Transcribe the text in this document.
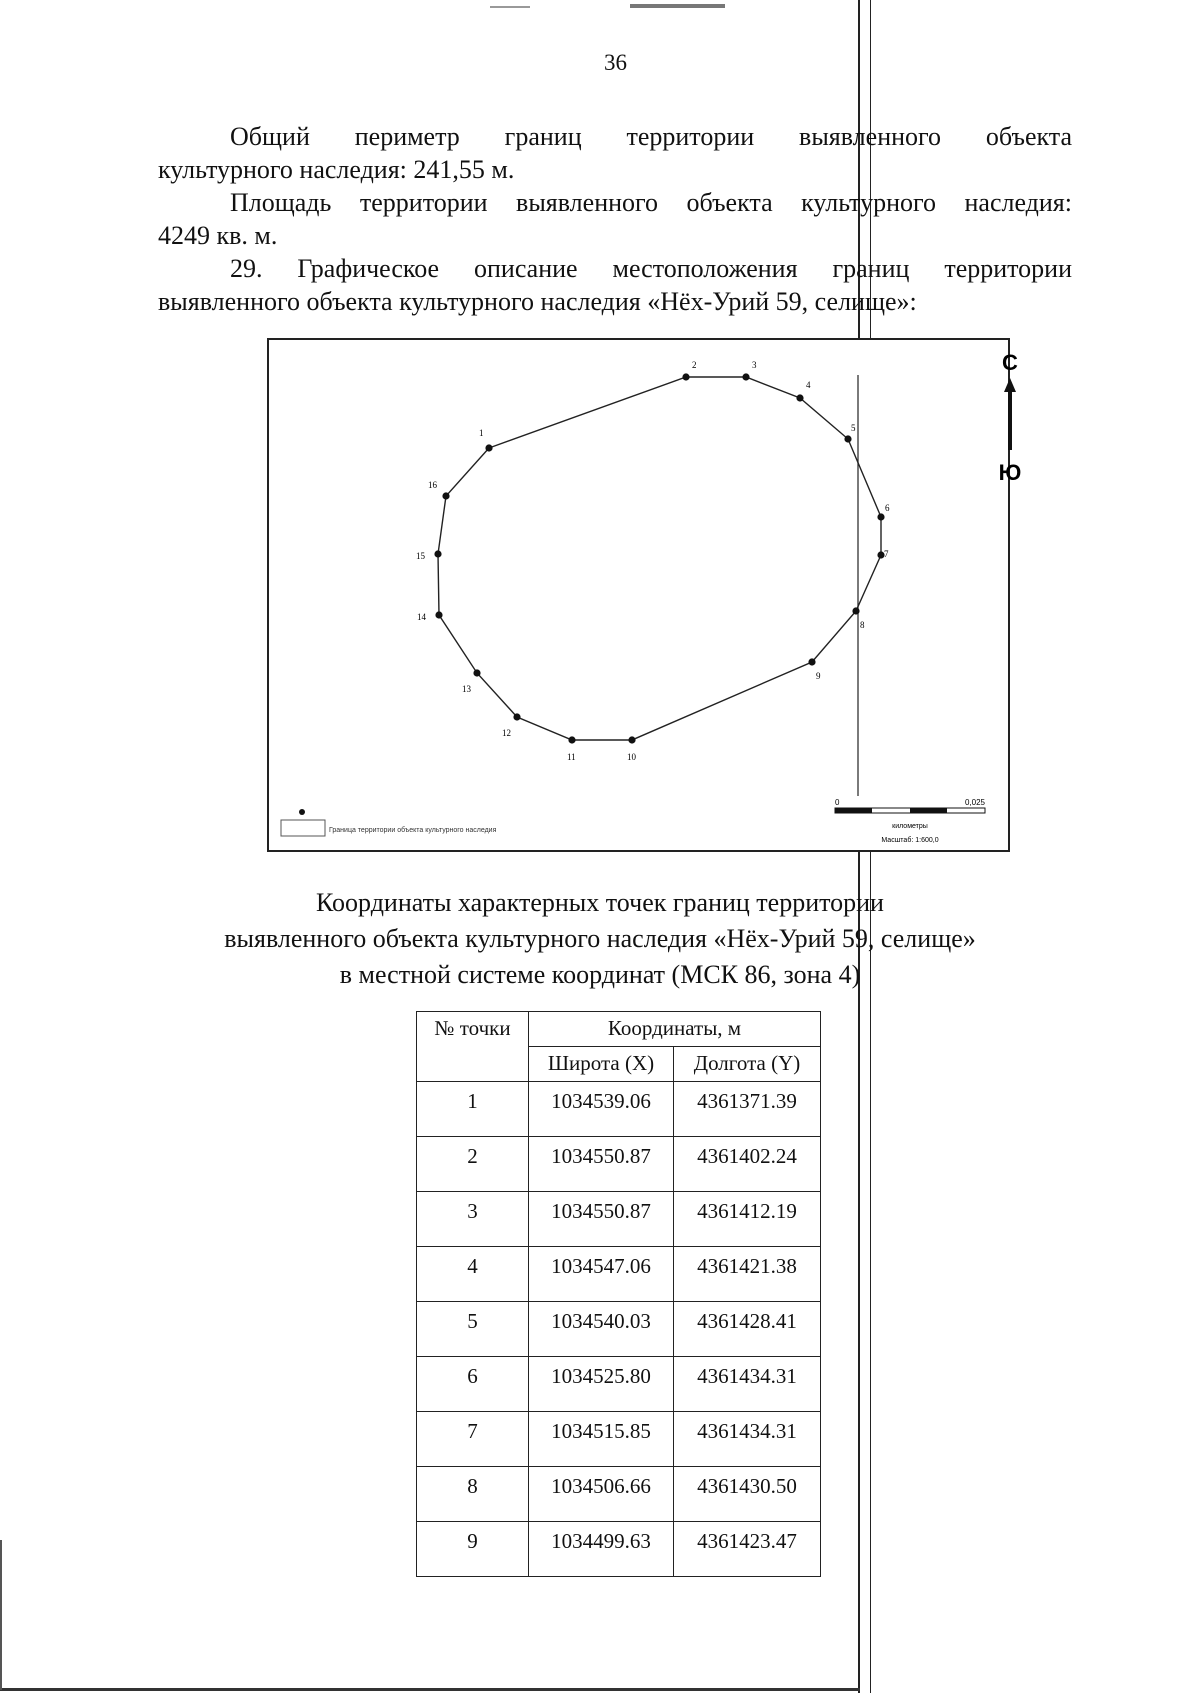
36
Общий периметр границ территории выявленного объекта
культурного наследия: 241,55 м.
Площадь территории выявленного объекта культурного наследия:
4249 кв. м.
29. Графическое описание местоположения границ территории
выявленного объекта культурного наследия «Нёх-Урий 59, селище»:
1
2	3
4
5
6
7
8
9
10
11
12
13
14
15
16
С
Ю
Граница территории объекта культурного наследия
0	0,025
километры
Масштаб: 1:600,0
Координаты характерных точек границ территории
выявленного объекта культурного наследия «Нёх-Урий 59, селище»
в местной системе координат (МСК 86, зона 4)
№ точки	Координаты, м	
	Широта (X)	Долгота (Y)
1	1034539.06	4361371.39
2	1034550.87	4361402.24
3	1034550.87	4361412.19
4	1034547.06	4361421.38
5	1034540.03	4361428.41
6	1034525.80	4361434.31
7	1034515.85	4361434.31
8	1034506.66	4361430.50
9	1034499.63	4361423.47
